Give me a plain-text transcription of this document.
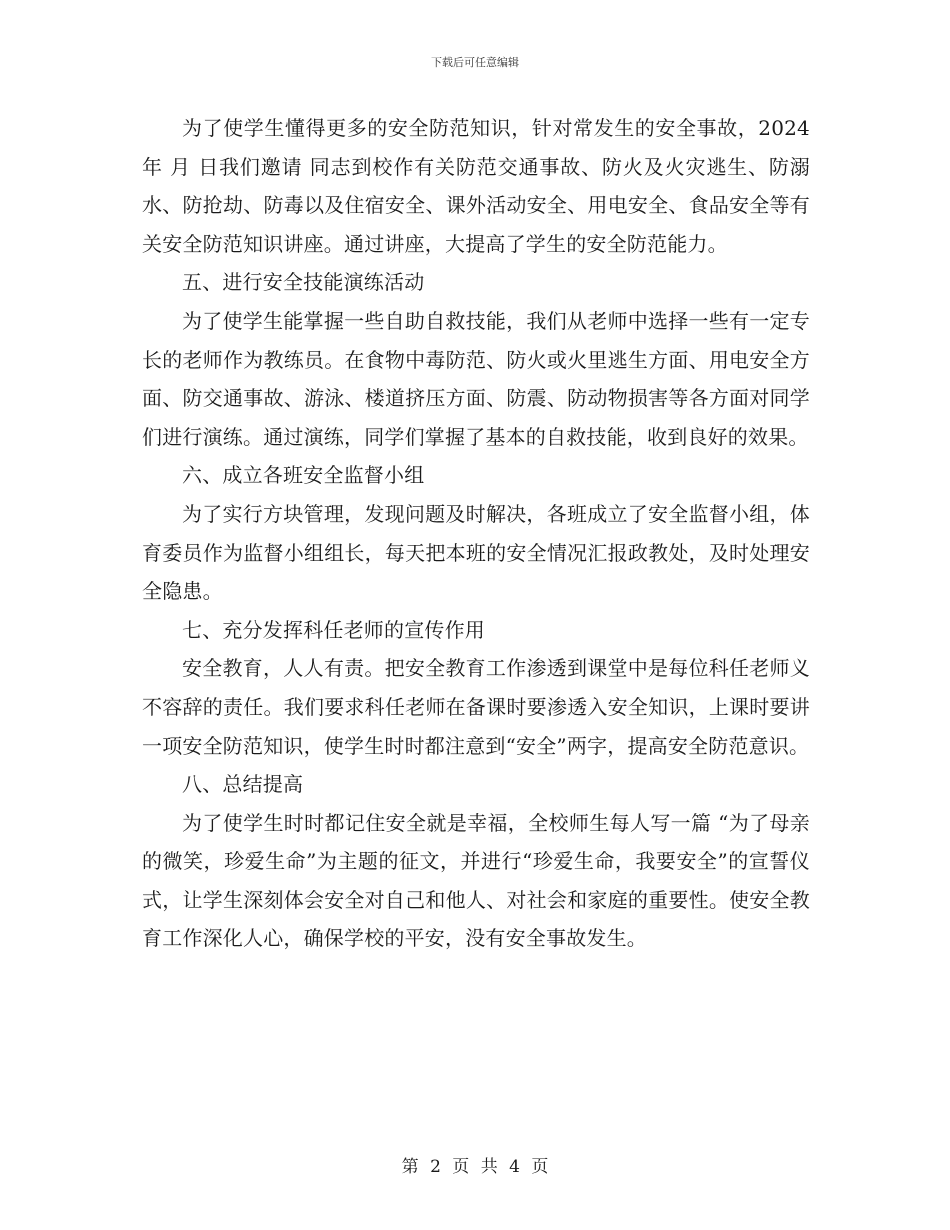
下载后可任意编辑

为了使学生懂得更多的安全防范知识，针对常发生的安全事故，2024年 月 日我们邀请 同志到校作有关防范交通事故、防火及火灾逃生、防溺水、防抢劫、防毒以及住宿安全、课外活动安全、用电安全、食品安全等有关安全防范知识讲座。通过讲座，大提高了学生的安全防范能力。

五、进行安全技能演练活动

为了使学生能掌握一些自助自救技能，我们从老师中选择一些有一定专长的老师作为教练员。在食物中毒防范、防火或火里逃生方面、用电安全方面、防交通事故、游泳、楼道挤压方面、防震、防动物损害等各方面对同学们进行演练。通过演练，同学们掌握了基本的自救技能，收到良好的效果。

六、成立各班安全监督小组

为了实行方块管理，发现问题及时解决，各班成立了安全监督小组，体育委员作为监督小组组长，每天把本班的安全情况汇报政教处，及时处理安全隐患。

七、充分发挥科任老师的宣传作用

安全教育，人人有责。把安全教育工作渗透到课堂中是每位科任老师义不容辞的责任。我们要求科任老师在备课时要渗透入安全知识，上课时要讲一项安全防范知识，使学生时时都注意到“安全”两字，提高安全防范意识。

八、总结提高

为了使学生时时都记住安全就是幸福，全校师生每人写一篇 “为了母亲的微笑，珍爱生命”为主题的征文，并进行“珍爱生命，我要安全”的宣誓仪式，让学生深刻体会安全对自己和他人、对社会和家庭的重要性。使安全教育工作深化人心，确保学校的平安，没有安全事故发生。

第 2 页 共 4 页
